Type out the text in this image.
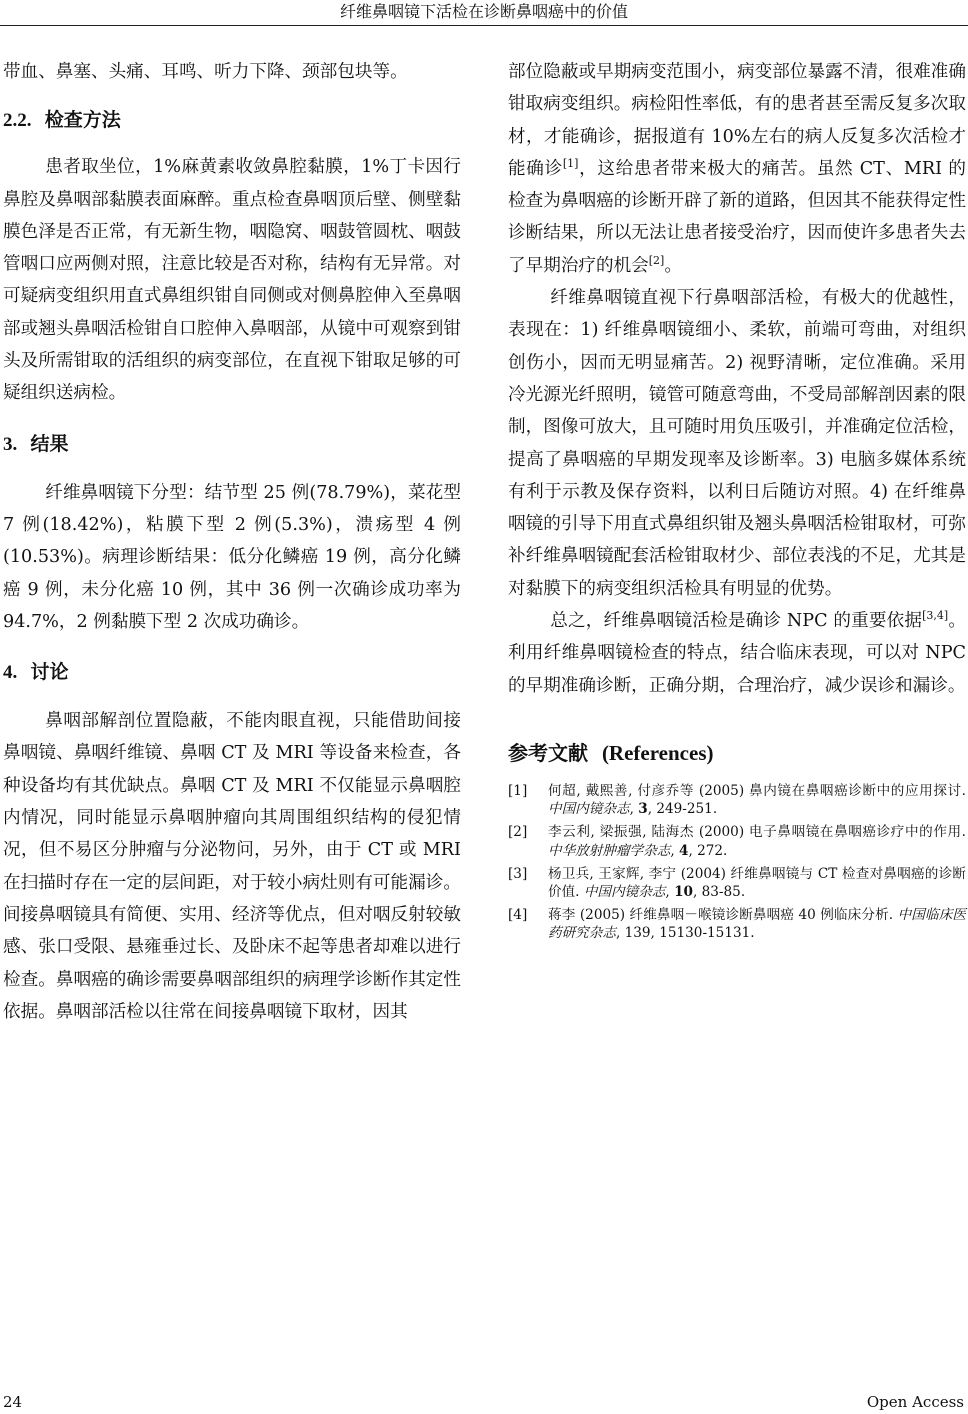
纤维鼻咽镜下活检在诊断鼻咽癌中的价值

带血、鼻塞、头痛、耳鸣、听力下降、颈部包块等。

2.2. 检查方法

患者取坐位，1%麻黄素收敛鼻腔黏膜，1%丁卡因行鼻腔及鼻咽部黏膜表面麻醉。重点检查鼻咽顶后壁、侧壁黏膜色泽是否正常，有无新生物，咽隐窝、咽鼓管圆枕、咽鼓管咽口应两侧对照，注意比较是否对称，结构有无异常。对可疑病变组织用直式鼻组织钳自同侧或对侧鼻腔伸入至鼻咽部或翘头鼻咽活检钳自口腔伸入鼻咽部，从镜中可观察到钳头及所需钳取的活组织的病变部位，在直视下钳取足够的可疑组织送病检。

3. 结果

纤维鼻咽镜下分型：结节型 25 例(78.79%)，菜花型 7 例(18.42%)，粘膜下型 2 例(5.3%)，溃疡型 4 例(10.53%)。病理诊断结果：低分化鳞癌 19 例，高分化鳞癌 9 例，未分化癌 10 例，其中 36 例一次确诊成功率为 94.7%，2 例黏膜下型 2 次成功确诊。

4. 讨论

鼻咽部解剖位置隐蔽，不能肉眼直视，只能借助间接鼻咽镜、鼻咽纤维镜、鼻咽 CT 及 MRI 等设备来检查，各种设备均有其优缺点。鼻咽 CT 及 MRI 不仅能显示鼻咽腔内情况，同时能显示鼻咽肿瘤向其周围组织结构的侵犯情况，但不易区分肿瘤与分泌物问，另外，由于 CT 或 MRI 在扫描时存在一定的层间距，对于较小病灶则有可能漏诊。间接鼻咽镜具有简便、实用、经济等优点，但对咽反射较敏感、张口受限、悬雍垂过长、及卧床不起等患者却难以进行检查。鼻咽癌的确诊需要鼻咽部组织的病理学诊断作其定性依据。鼻咽部活检以往常在间接鼻咽镜下取材，因其

部位隐蔽或早期病变范围小，病变部位暴露不清，很难准确钳取病变组织。病检阳性率低，有的患者甚至需反复多次取材，才能确诊，据报道有 10%左右的病人反复多次活检才能确诊[1]，这给患者带来极大的痛苦。虽然 CT、MRI 的检查为鼻咽癌的诊断开辟了新的道路，但因其不能获得定性诊断结果，所以无法让患者接受治疗，因而使许多患者失去了早期治疗的机会[2]。

纤维鼻咽镜直视下行鼻咽部活检，有极大的优越性，表现在：1) 纤维鼻咽镜细小、柔软，前端可弯曲，对组织创伤小，因而无明显痛苦。2) 视野清晰，定位准确。采用冷光源光纤照明，镜管可随意弯曲，不受局部解剖因素的限制，图像可放大，且可随时用负压吸引，并准确定位活检，提高了鼻咽癌的早期发现率及诊断率。3) 电脑多媒体系统有利于示教及保存资料，以利日后随访对照。4) 在纤维鼻咽镜的引导下用直式鼻组织钳及翘头鼻咽活检钳取材，可弥补纤维鼻咽镜配套活检钳取材少、部位表浅的不足，尤其是对黏膜下的病变组织活检具有明显的优势。

总之，纤维鼻咽镜活检是确诊 NPC 的重要依据[3,4]。利用纤维鼻咽镜检查的特点，结合临床表现，可以对 NPC 的早期准确诊断，正确分期，合理治疗，减少误诊和漏诊。

参考文献 (References)
[1]	何超, 戴熙善, 付彦乔等 (2005) 鼻内镜在鼻咽癌诊断中的应用探讨. 中国内镜杂志, 3, 249-251.
[2]	李云利, 梁振强, 陆海杰 (2000) 电子鼻咽镜在鼻咽癌诊疗中的作用. 中华放射肿瘤学杂志, 4, 272.
[3]	杨卫兵, 王家辉, 李宁 (2004) 纤维鼻咽镜与 CT 检查对鼻咽癌的诊断价值. 中国内镜杂志, 10, 83-85.
[4]	蒋李 (2005) 纤维鼻咽－喉镜诊断鼻咽癌 40 例临床分析. 中国临床医药研究杂志, 139, 15130-15131.
24	Open Access
